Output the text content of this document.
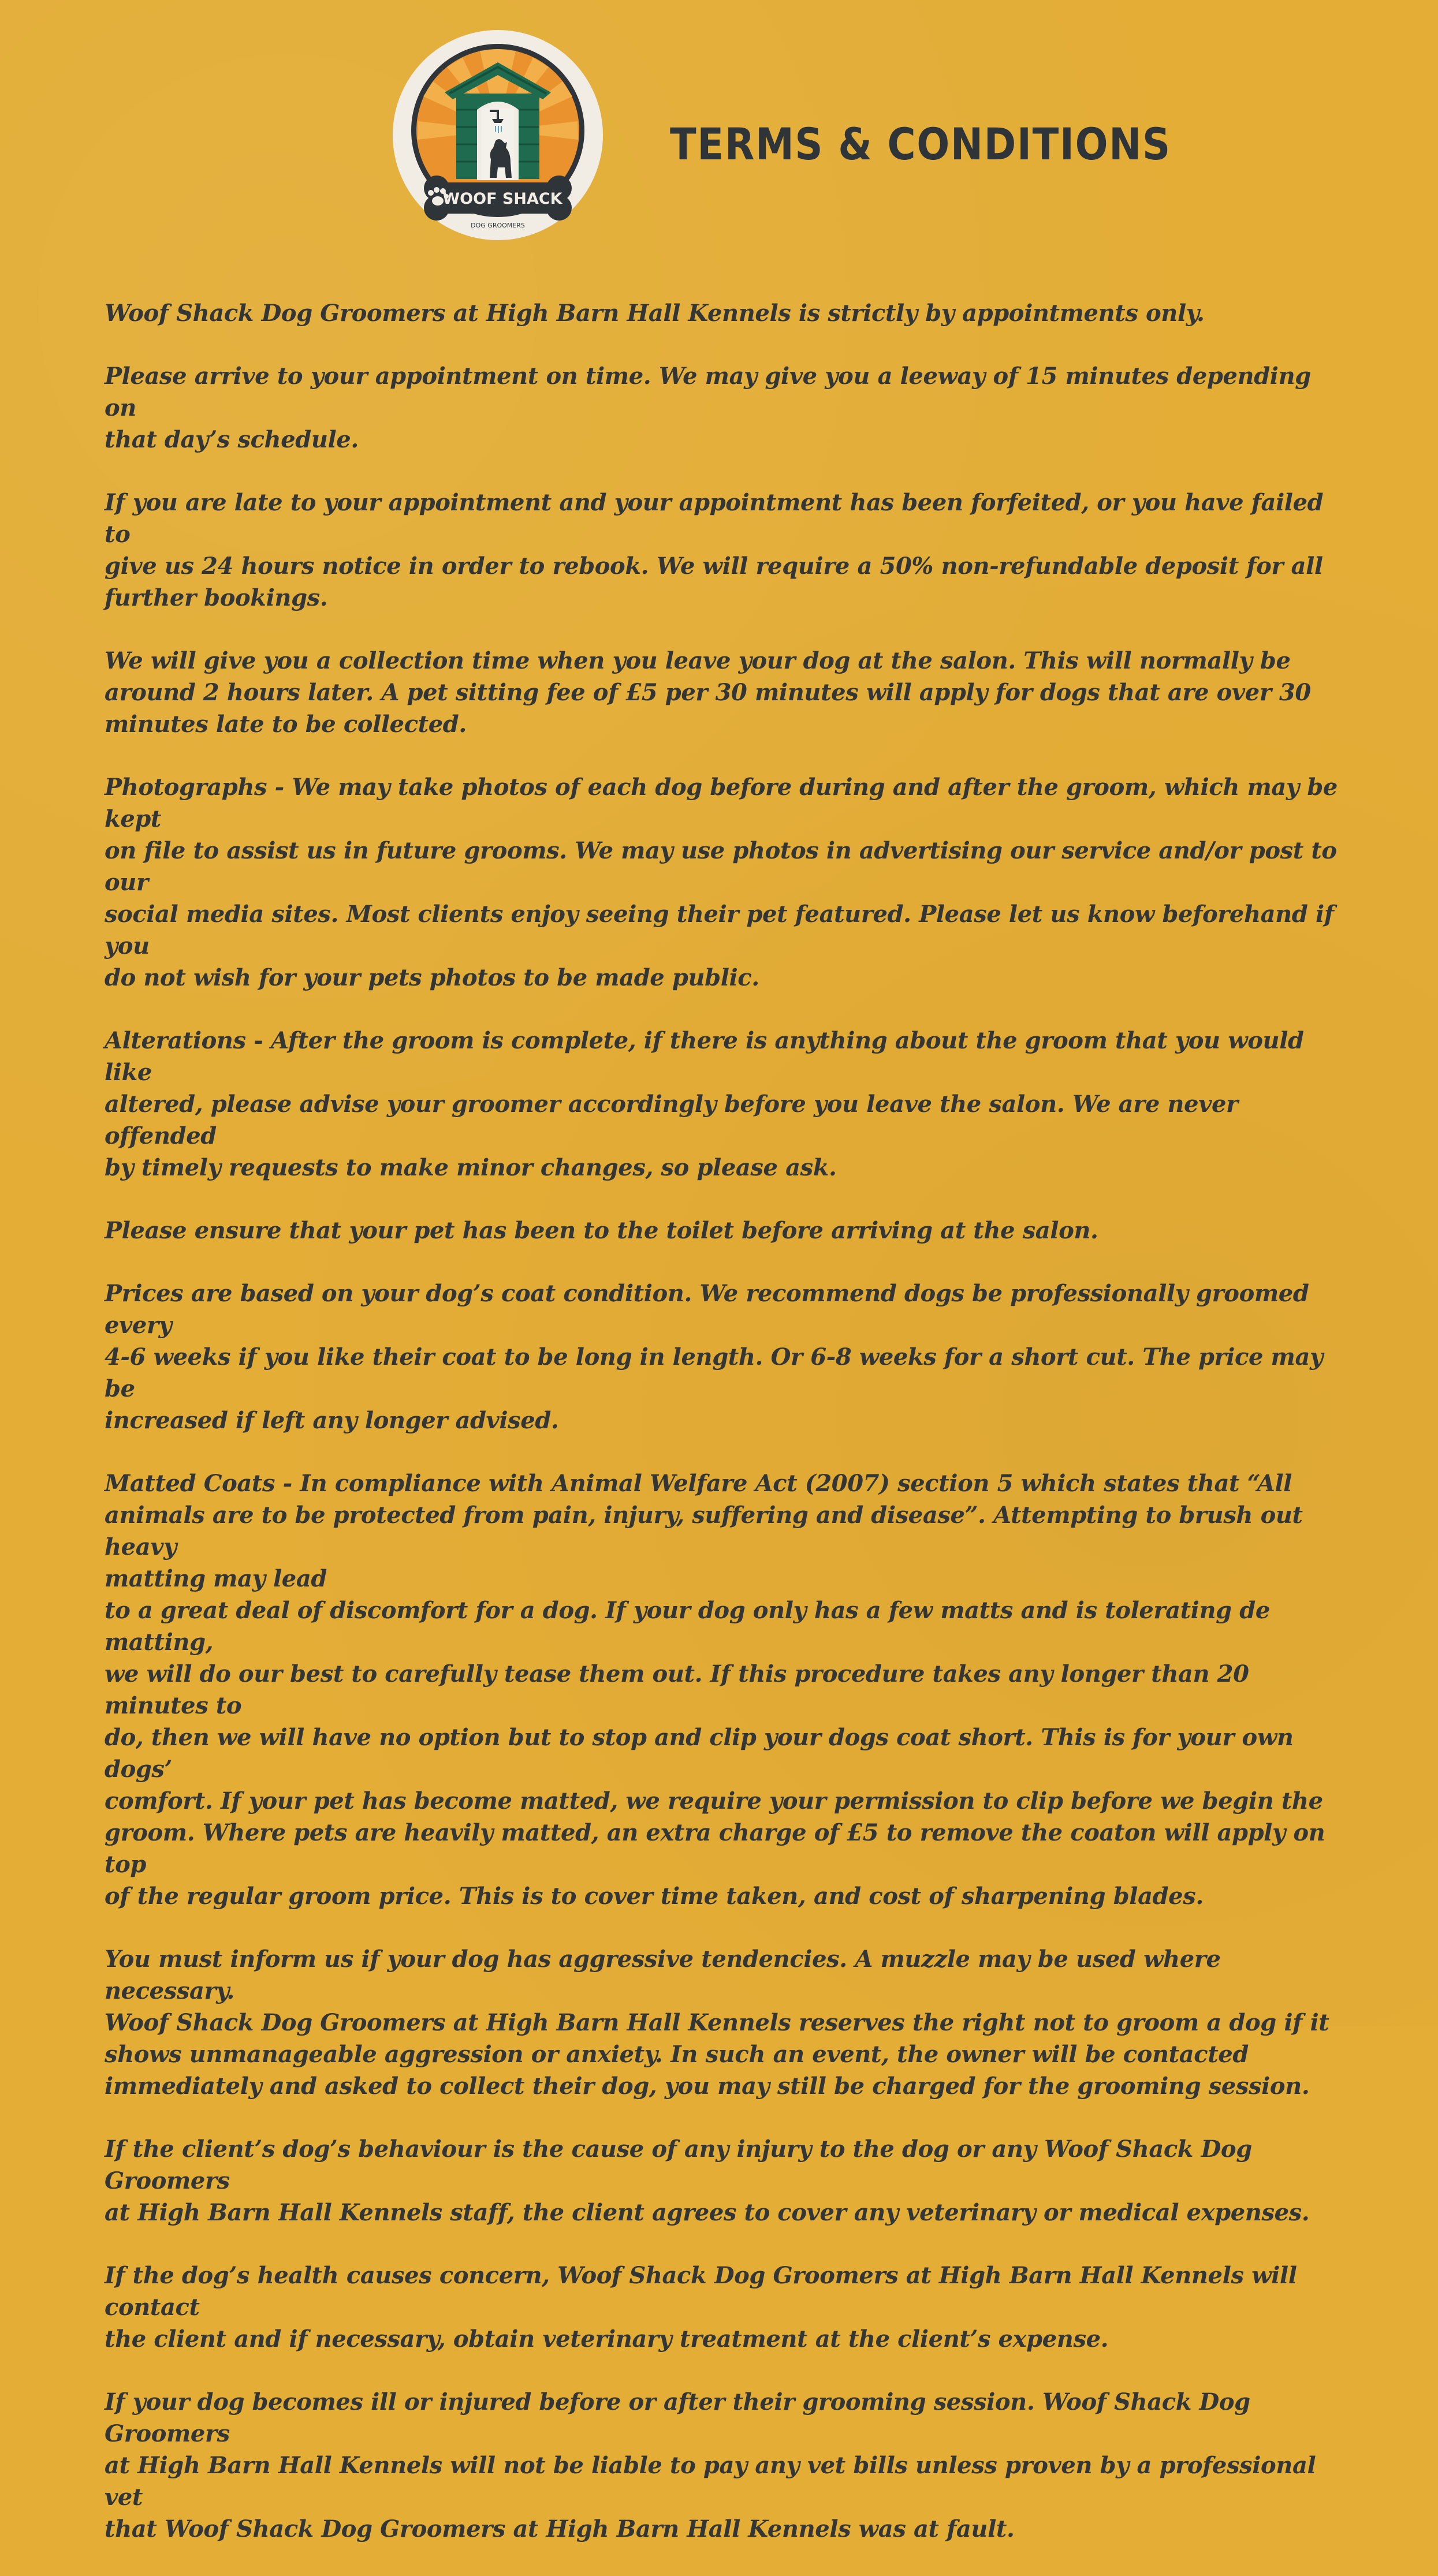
WOOF SHACK
DOG GROOMERS
TERMS & CONDITIONS

Woof Shack Dog Groomers at High Barn Hall Kennels is strictly by appointments only.

Please arrive to your appointment on time. We may give you a leeway of 15 minutes depending on
that day’s schedule.

If you are late to your appointment and your appointment has been forfeited, or you have failed to
give us 24 hours notice in order to rebook. We will require a 50% non-refundable deposit for all
further bookings.

We will give you a collection time when you leave your dog at the salon. This will normally be
around 2 hours later. A pet sitting fee of £5 per 30 minutes will apply for dogs that are over 30
minutes late to be collected.

Photographs - We may take photos of each dog before during and after the groom, which may be kept
on file to assist us in future grooms. We may use photos in advertising our service and/or post to our
social media sites. Most clients enjoy seeing their pet featured. Please let us know beforehand if you
do not wish for your pets photos to be made public.

Alterations - After the groom is complete, if there is anything about the groom that you would like
altered, please advise your groomer accordingly before you leave the salon. We are never offended
by timely requests to make minor changes, so please ask.

Please ensure that your pet has been to the toilet before arriving at the salon.

Prices are based on your dog’s coat condition. We recommend dogs be professionally groomed every
4-6 weeks if you like their coat to be long in length. Or 6-8 weeks for a short cut. The price may be
increased if left any longer advised.

Matted Coats - In compliance with Animal Welfare Act (2007) section 5 which states that “All
animals are to be protected from pain, injury, suffering and disease”. Attempting to brush out heavy
matting may lead
to a great deal of discomfort for a dog. If your dog only has a few matts and is tolerating de matting,
we will do our best to carefully tease them out. If this procedure takes any longer than 20 minutes to
do, then we will have no option but to stop and clip your dogs coat short. This is for your own dogs’
comfort. If your pet has become matted, we require your permission to clip before we begin the
groom. Where pets are heavily matted, an extra charge of £5 to remove the coaton will apply on top
of the regular groom price. This is to cover time taken, and cost of sharpening blades.

You must inform us if your dog has aggressive tendencies. A muzzle may be used where necessary.
Woof Shack Dog Groomers at High Barn Hall Kennels reserves the right not to groom a dog if it
shows unmanageable aggression or anxiety. In such an event, the owner will be contacted
immediately and asked to collect their dog, you may still be charged for the grooming session.

If the client’s dog’s behaviour is the cause of any injury to the dog or any Woof Shack Dog Groomers
at High Barn Hall Kennels staff, the client agrees to cover any veterinary or medical expenses.

If the dog’s health causes concern, Woof Shack Dog Groomers at High Barn Hall Kennels will contact
the client and if necessary, obtain veterinary treatment at the client’s expense.

If your dog becomes ill or injured before or after their grooming session. Woof Shack Dog Groomers
at High Barn Hall Kennels will not be liable to pay any vet bills unless proven by a professional vet
that Woof Shack Dog Groomers at High Barn Hall Kennels was at fault.
